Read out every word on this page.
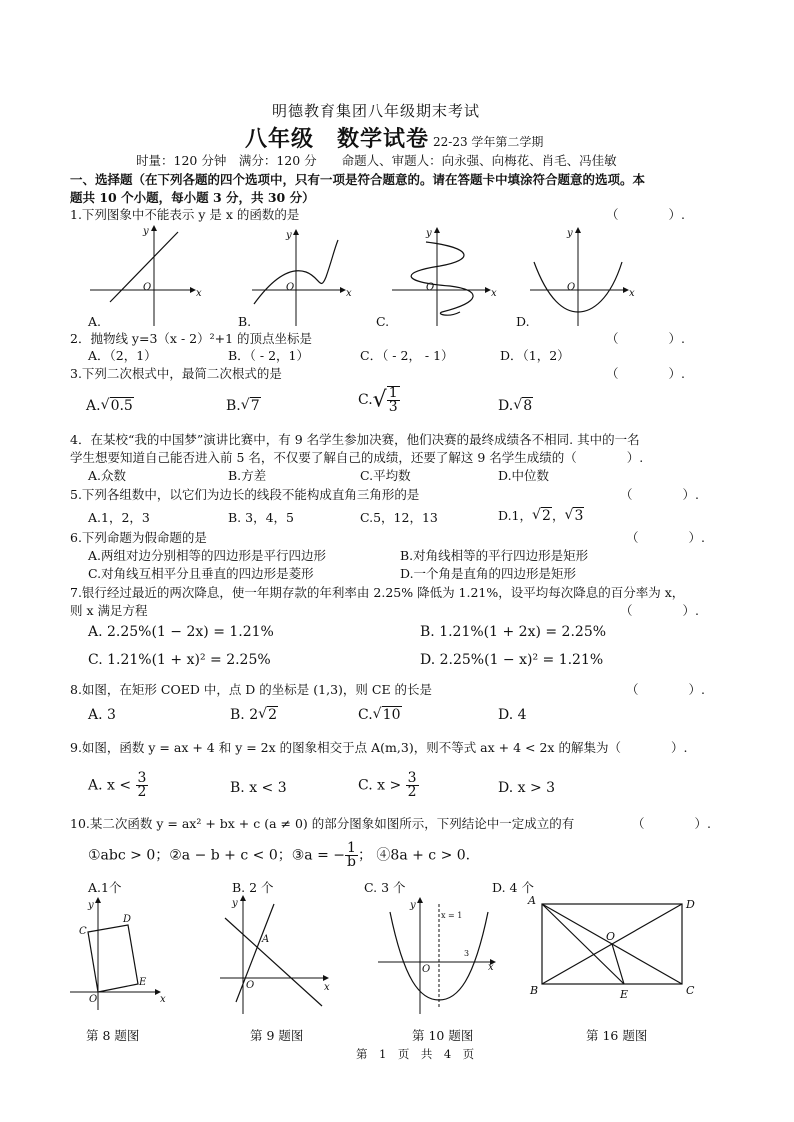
明德教育集团八年级期末考试
八年级　数学试卷 22-23 学年第二学期
时量：120 分钟　满分：120 分　　命题人、审题人：向永强、向梅花、肖毛、冯佳敏
一、选择题（在下列各题的四个选项中，只有一项是符合题意的。请在答题卡中填涂符合题意的选项。本
题共 10 个小题，每小题 3 分，共 30 分）
1.下列图象中不能表示 y 是 x 的函数的是	（　　　　）.
x
y
O
x
y
O
x
y
O
x
y
O
A.	B.	C.	D.
2．抛物线 y=3（x - 2）²+1 的顶点坐标是	（　　　　）.
A．（2，1）	B．（ - 2，1）	C．（ - 2， - 1）	D．（1，2）
3.下列二次根式中，最简二次根式的是	（　　　　）.
A. √ 0.5	B. √ 7	$C.√ \frac{1}{3}$	D. √ 8
4．在某校“我的中国梦”演讲比赛中，有 9 名学生参加决赛，他们决赛的最终成绩各不相同. 其中的一名
学生想要知道自己能否进入前 5 名，不仅要了解自己的成绩，还要了解这 9 名学生成绩的（　　　　）.
A.众数	B.方差	C.平均数	D.中位数
5.下列各组数中，以它们为边长的线段不能构成直角三角形的是	（　　　　）.
A.1，2，3	B. 3，4，5	C.5，12，13	D.1， √ 2， √ 3
6.下列命题为假命题的是	（　　　　）.
A.两组对边分别相等的四边形是平行四边形	B.对角线相等的平行四边形是矩形
C.对角线互相平分且垂直的四边形是菱形	D.一个角是直角的四边形是矩形
7.银行经过最近的两次降息，使一年期存款的年利率由 2.25% 降低为 1.21%，设平均每次降息的百分率为 x，
则 x 满足方程	（　　　　）.
A. 2.25%(1 − 2x) = 1.21%	B. 1.21%(1 + 2x) = 2.25%
C. 1.21%(1 + x)² = 2.25%	D. 2.25%(1 − x)² = 1.21%
8.如图，在矩形 COED 中，点 D 的坐标是 (1,3)，则 CE 的长是	（　　　　）.
A. 3	B. 2 √ 2	C. √ 10	D. 4
9.如图，函数 y = ax + 4 和 y = 2x 的图象相交于点 A(m,3)，则不等式 ax + 4 < 2x 的解集为（　　　　）.
A. $x < \frac{3}{2}$	B. x < 3	C. $x > \frac{3}{2}$	D. x > 3
10.某二次函数 y = ax² + bx + c (a ≠ 0) 的部分图象如图所示，下列结论中一定成立的有	（　　　　）.
①abc > 0；②a − b + c < 0；③a = − $\frac{1}{b}$ ； ④8a + c > 0.
A.1个	B. 2 个	C. 3 个	D. 4 个
x
y
O
C
D
E	x
y
O
A
x
y
O
x = 1
3
A	D
O
B	E	C
第 8 题图	第 9 题图	第 10 题图	第 16 题图
第　1　页　共　4　页
